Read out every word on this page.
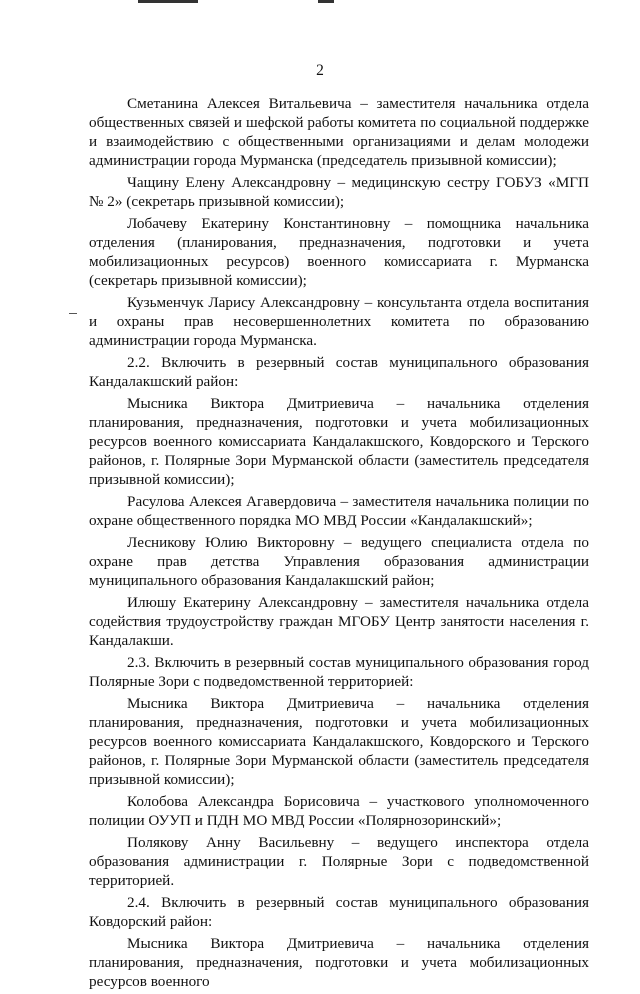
2

Сметанина Алексея Витальевича – заместителя начальника отдела общественных связей и шефской работы комитета по социальной поддержке и взаимодействию с общественными организациями и делам молодежи администрации города Мурманска (председатель призывной комиссии);

Чащину Елену Александровну – медицинскую сестру ГОБУЗ «МГП № 2» (секретарь призывной комиссии);

Лобачеву Екатерину Константиновну – помощника начальника отделения (планирования, предназначения, подготовки и учета мобилизационных ресурсов) военного комиссариата г. Мурманска (секретарь призывной комиссии);

Кузьменчук Ларису Александровну – консультанта отдела воспитания и охраны прав несовершеннолетних комитета по образованию администрации города Мурманска.

2.2. Включить в резервный состав муниципального образования Кандалакшский район:

Мысника Виктора Дмитриевича – начальника отделения планирования, предназначения, подготовки и учета мобилизационных ресурсов военного комиссариата Кандалакшского, Ковдорского и Терского районов, г. Полярные Зори Мурманской области (заместитель председателя призывной комиссии);

Расулова Алексея Агавердовича – заместителя начальника полиции по охране общественного порядка МО МВД России «Кандалакшский»;

Лесникову Юлию Викторовну – ведущего специалиста отдела по охране прав детства Управления образования администрации муниципального образования Кандалакшский район;

Илюшу Екатерину Александровну – заместителя начальника отдела содействия трудоустройству граждан МГОБУ Центр занятости населения г. Кандалакши.

2.3. Включить в резервный состав муниципального образования город Полярные Зори с подведомственной территорией:

Мысника Виктора Дмитриевича – начальника отделения планирования, предназначения, подготовки и учета мобилизационных ресурсов военного комиссариата Кандалакшского, Ковдорского и Терского районов, г. Полярные Зори Мурманской области (заместитель председателя призывной комиссии);

Колобова Александра Борисовича – участкового уполномоченного полиции ОУУП и ПДН МО МВД России «Полярнозоринский»;

Полякову Анну Васильевну – ведущего инспектора отдела образования администрации г. Полярные Зори с подведомственной территорией.

2.4. Включить в резервный состав муниципального образования Ковдорский район:

Мысника Виктора Дмитриевича – начальника отделения планирования, предназначения, подготовки и учета мобилизационных ресурсов военного
